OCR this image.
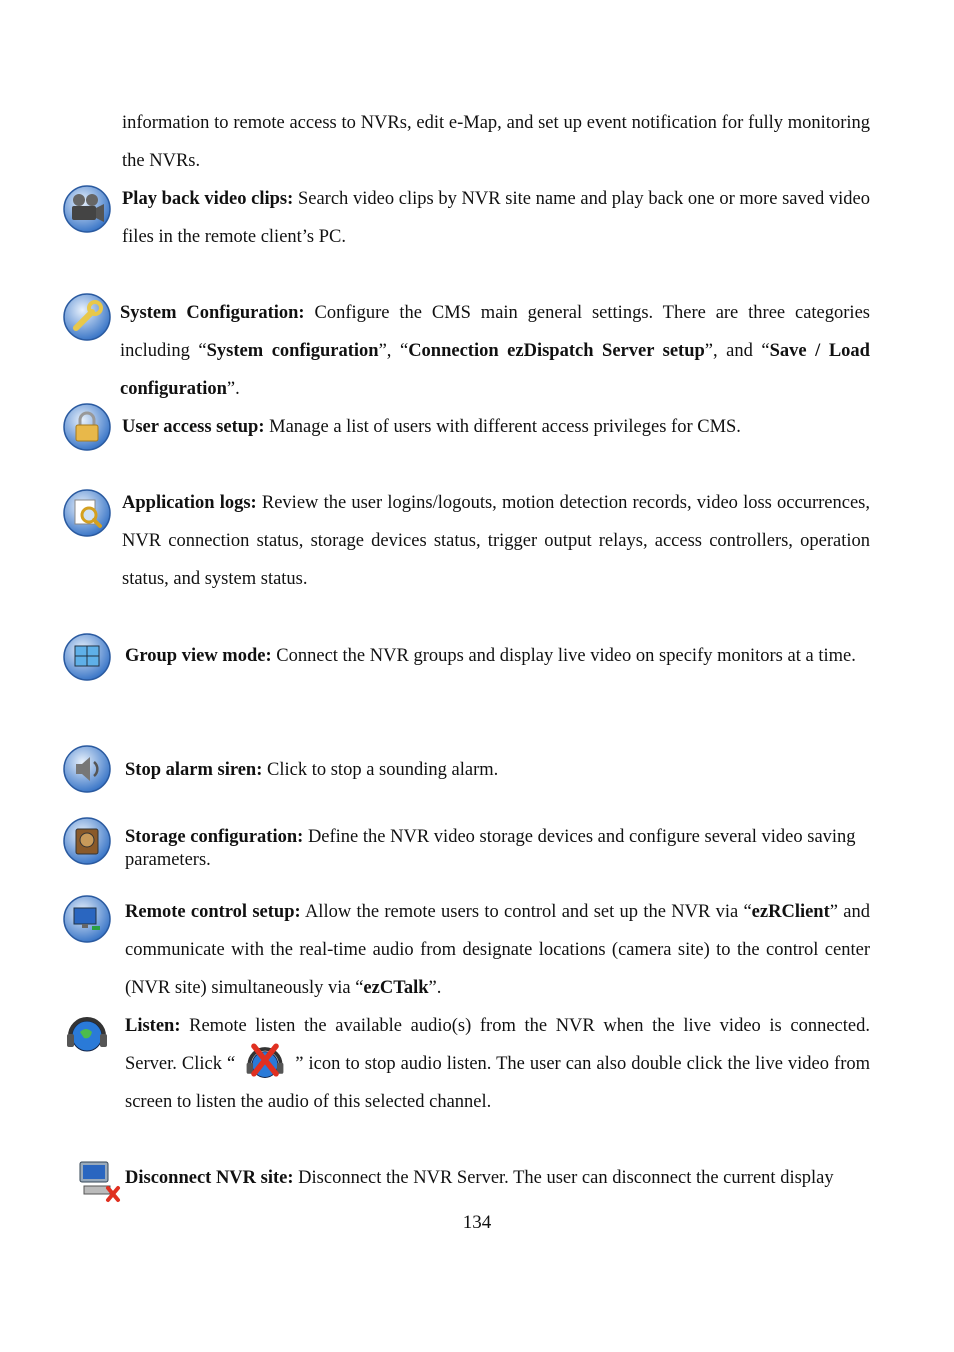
information to remote access to NVRs, edit e-Map, and set up event notification for fully monitoring the NVRs.
Play back video clips: Search video clips by NVR site name and play back one or more saved video files in the remote client’s PC.
System Configuration: Configure the CMS main general settings. There are three categories including “System configuration”, “Connection ezDispatch Server setup”, and “Save / Load configuration”.
User access setup: Manage a list of users with different access privileges for CMS.
Application logs: Review the user logins/logouts, motion detection records, video loss occurrences, NVR connection status, storage devices status, trigger output relays, access controllers, operation status, and system status.
Group view mode: Connect the NVR groups and display live video on specify monitors at a time.
Stop alarm siren: Click to stop a sounding alarm.
Storage configuration: Define the NVR video storage devices and configure several video saving parameters.
Remote control setup: Allow the remote users to control and set up the NVR via “ezRClient” and communicate with the real-time audio from designate locations (camera site) to the control center (NVR site) simultaneously via “ezCTalk”.
Listen: Remote listen the available audio(s) from the NVR when the live video is connected. Server. Click “	” icon to stop audio listen. The user can also double click the live video from screen to listen the audio of this selected channel.
Disconnect NVR site: Disconnect the NVR Server. The user can disconnect the current display
134
